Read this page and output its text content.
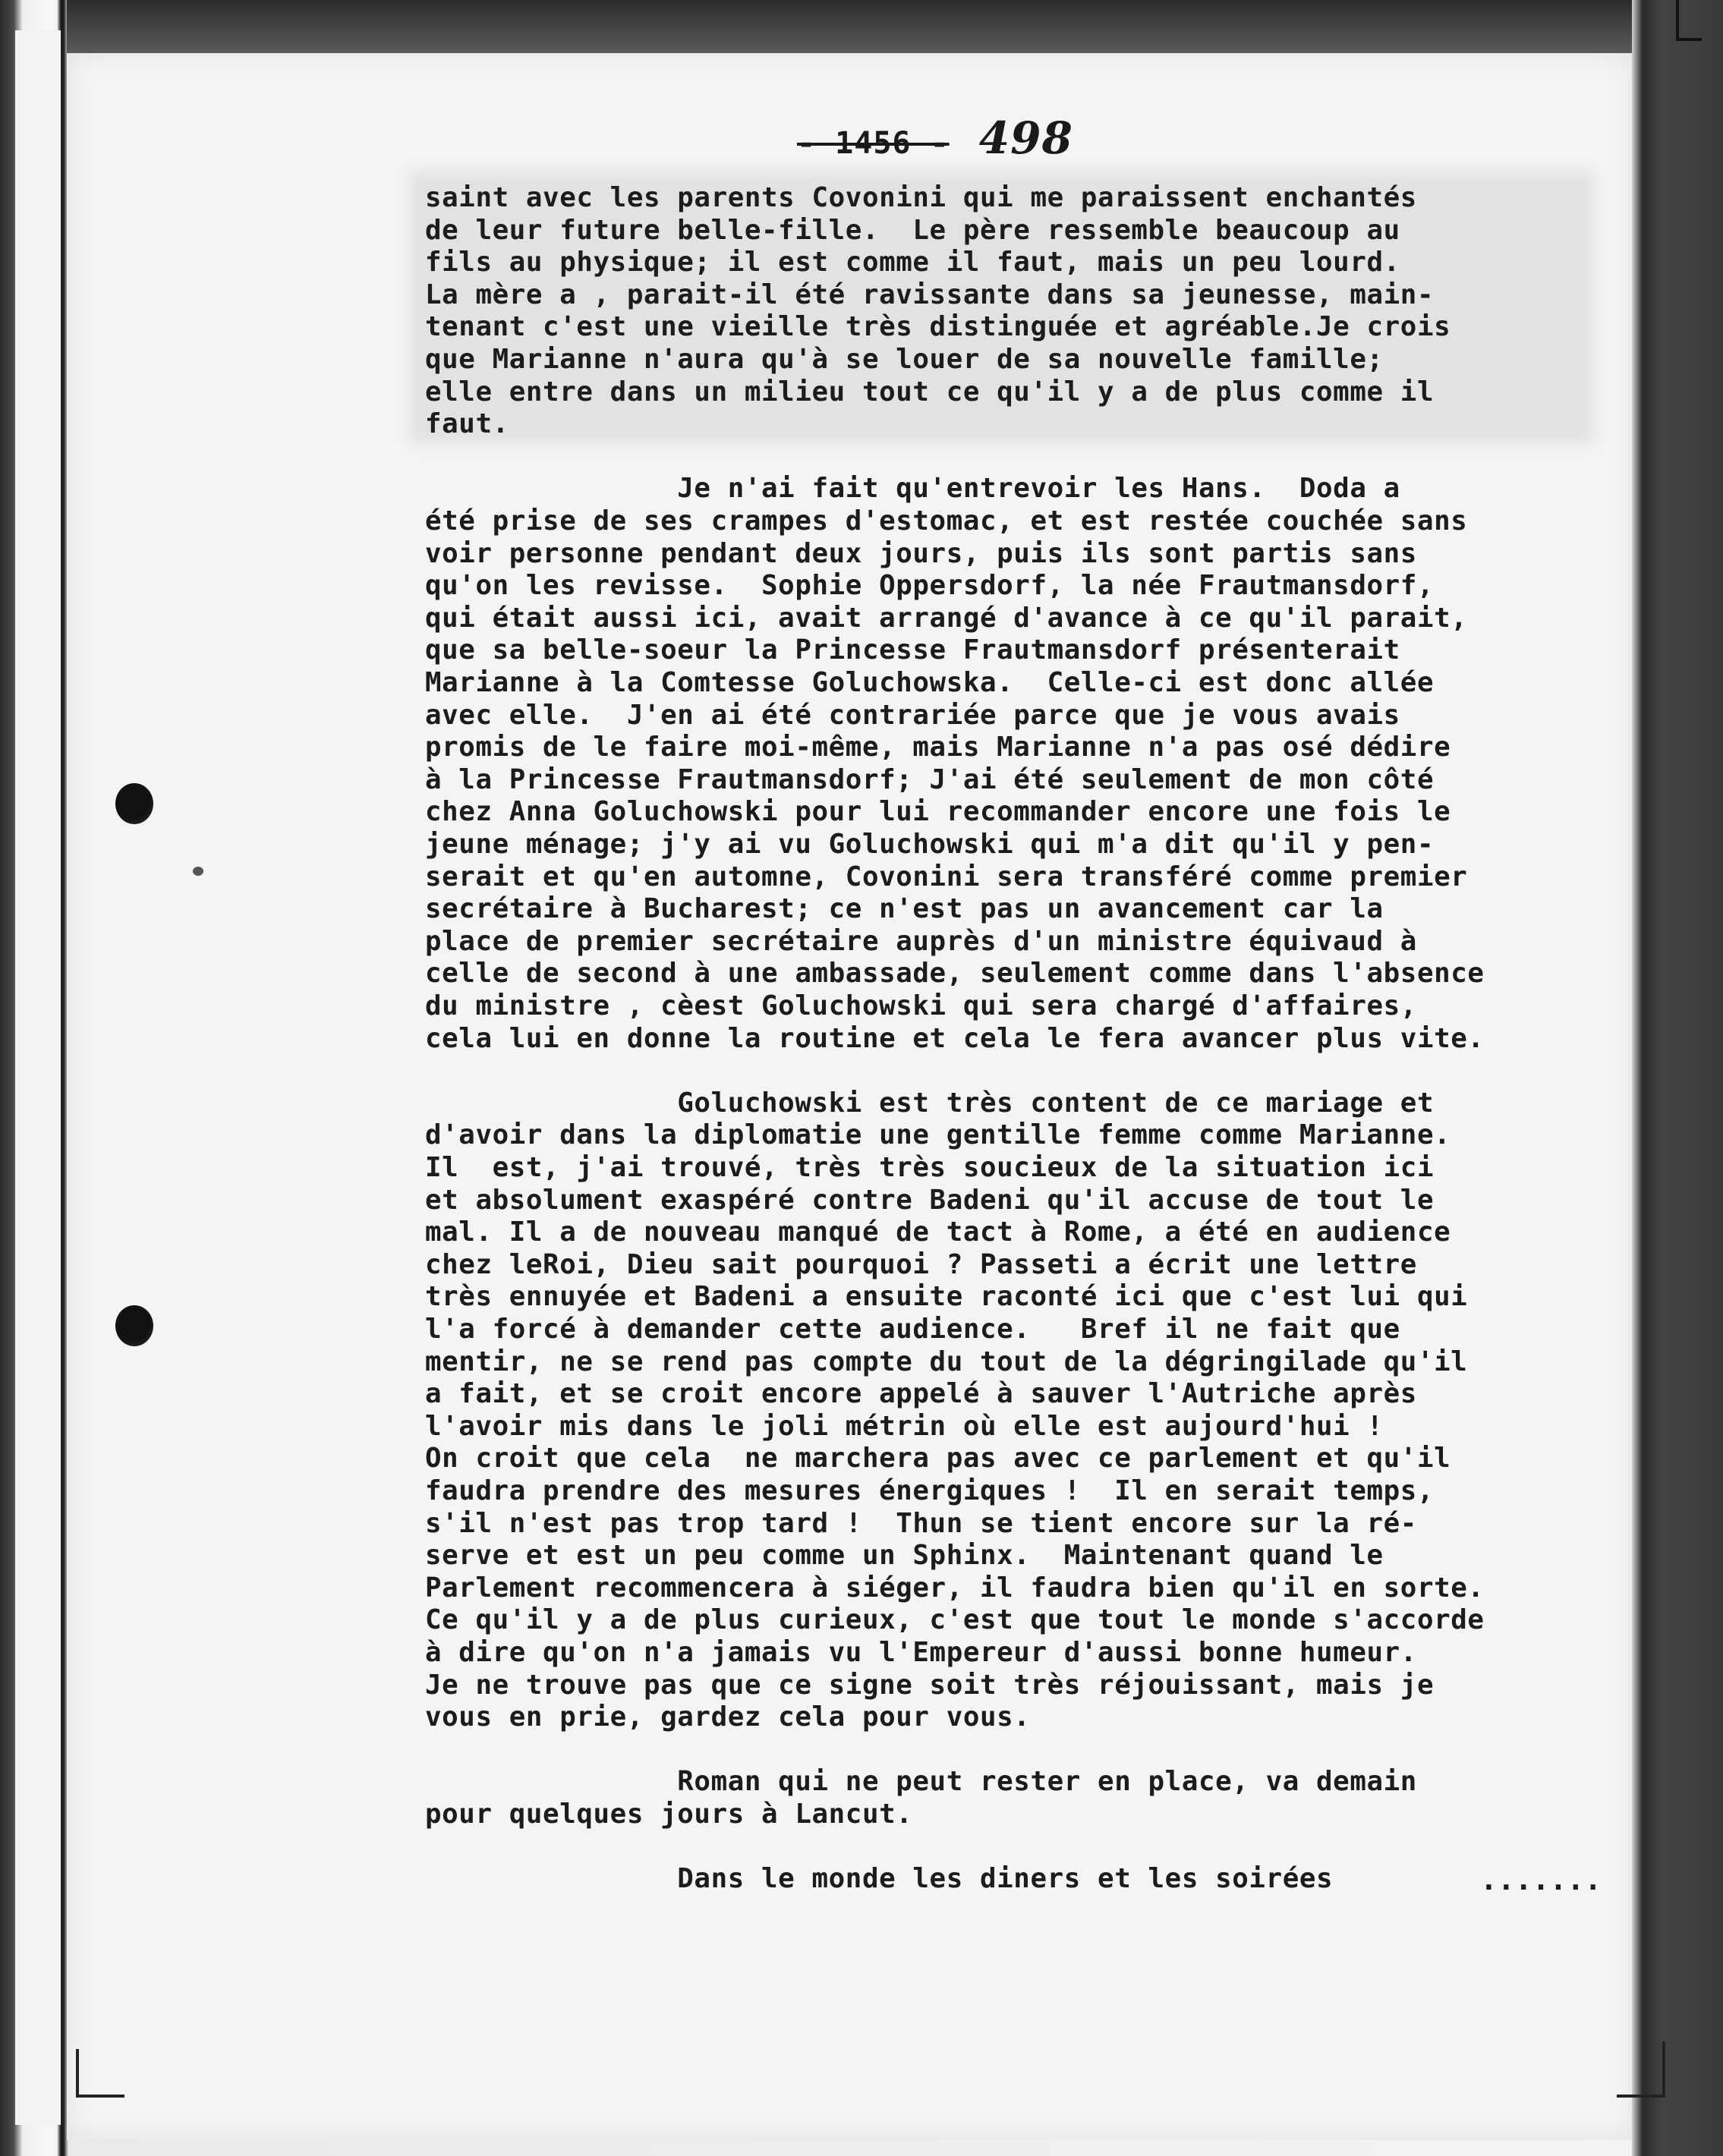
- 1456 - 498
saint avec les parents Covonini qui me paraissent enchantés
de leur future belle-fille.  Le père ressemble beaucoup au
fils au physique; il est comme il faut, mais un peu lourd.
La mère a , parait-il été ravissante dans sa jeunesse, main-
tenant c'est une vieille très distinguée et agréable.Je crois
que Marianne n'aura qu'à se louer de sa nouvelle famille;
elle entre dans un milieu tout ce qu'il y a de plus comme il
faut.
Je n'ai fait qu'entrevoir les Hans.  Doda a
été prise de ses crampes d'estomac, et est restée couchée sans
voir personne pendant deux jours, puis ils sont partis sans
qu'on les revisse.  Sophie Oppersdorf, la née Frautmansdorf,
qui était aussi ici, avait arrangé d'avance à ce qu'il parait,
que sa belle-soeur la Princesse Frautmansdorf présenterait
Marianne à la Comtesse Goluchowska.  Celle-ci est donc allée
avec elle.  J'en ai été contrariée parce que je vous avais
promis de le faire moi-même, mais Marianne n'a pas osé dédire
à la Princesse Frautmansdorf; J'ai été seulement de mon côté
chez Anna Goluchowski pour lui recommander encore une fois le
jeune ménage; j'y ai vu Goluchowski qui m'a dit qu'il y pen-
serait et qu'en automne, Covonini sera transféré comme premier
secrétaire à Bucharest; ce n'est pas un avancement car la
place de premier secrétaire auprès d'un ministre équivaud à
celle de second à une ambassade, seulement comme dans l'absence
du ministre , cèest Goluchowski qui sera chargé d'affaires,
cela lui en donne la routine et cela le fera avancer plus vite.
Goluchowski est très content de ce mariage et
d'avoir dans la diplomatie une gentille femme comme Marianne.
Il  est, j'ai trouvé, très très soucieux de la situation ici
et absolument exaspéré contre Badeni qu'il accuse de tout le
mal. Il a de nouveau manqué de tact à Rome, a été en audience
chez leRoi, Dieu sait pourquoi ? Passeti a écrit une lettre
très ennuyée et Badeni a ensuite raconté ici que c'est lui qui
l'a forcé à demander cette audience.   Bref il ne fait que
mentir, ne se rend pas compte du tout de la dégringilade qu'il
a fait, et se croit encore appelé à sauver l'Autriche après
l'avoir mis dans le joli métrin où elle est aujourd'hui !
On croit que cela  ne marchera pas avec ce parlement et qu'il
faudra prendre des mesures énergiques !  Il en serait temps,
s'il n'est pas trop tard !  Thun se tient encore sur la ré-
serve et est un peu comme un Sphinx.  Maintenant quand le
Parlement recommencera à siéger, il faudra bien qu'il en sorte.
Ce qu'il y a de plus curieux, c'est que tout le monde s'accorde
à dire qu'on n'a jamais vu l'Empereur d'aussi bonne humeur.
Je ne trouve pas que ce signe soit très réjouissant, mais je
vous en prie, gardez cela pour vous.
Roman qui ne peut rester en place, va demain
pour quelques jours à Lancut.
Dans le monde les diners et les soirées	.......
